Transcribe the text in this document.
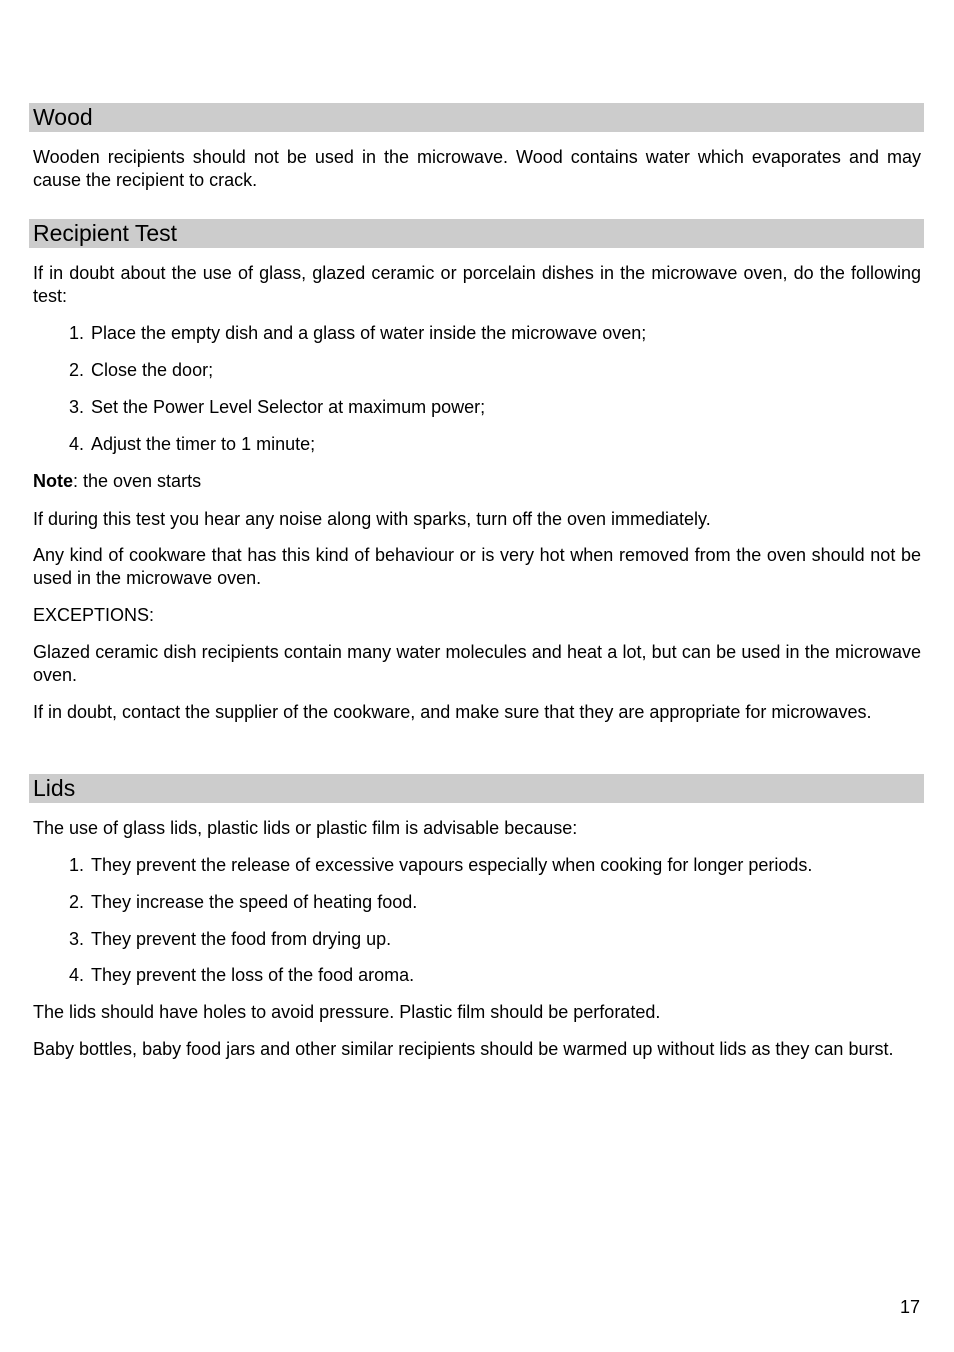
Wood

Wooden recipients should not be used in the microwave. Wood contains water which evaporates and may cause the recipient to crack.

Recipient Test

If in doubt about the use of glass, glazed ceramic or porcelain dishes in the microwave oven, do the following test:

1. Place the empty dish and a glass of water inside the microwave oven;
2. Close the door;
3. Set the Power Level Selector at maximum power;
4. Adjust the timer to 1 minute;

Note: the oven starts

If during this test you hear any noise along with sparks, turn off the oven immediately.

Any kind of cookware that has this kind of behaviour or is very hot when removed from the oven should not be used in the microwave oven.

EXCEPTIONS:

Glazed ceramic dish recipients contain many water molecules and heat a lot, but can be used in the microwave oven.

If in doubt, contact the supplier of the cookware, and make sure that they are appropriate for microwaves.

Lids

The use of glass lids, plastic lids or plastic film is advisable because:

1. They prevent the release of excessive vapours especially when cooking for longer periods.
2. They increase the speed of heating food.
3. They prevent the food from drying up.
4. They prevent the loss of the food aroma.

The lids should have holes to avoid pressure. Plastic film should be perforated.

Baby bottles, baby food jars and other similar recipients should be warmed up without lids as they can burst.

17
